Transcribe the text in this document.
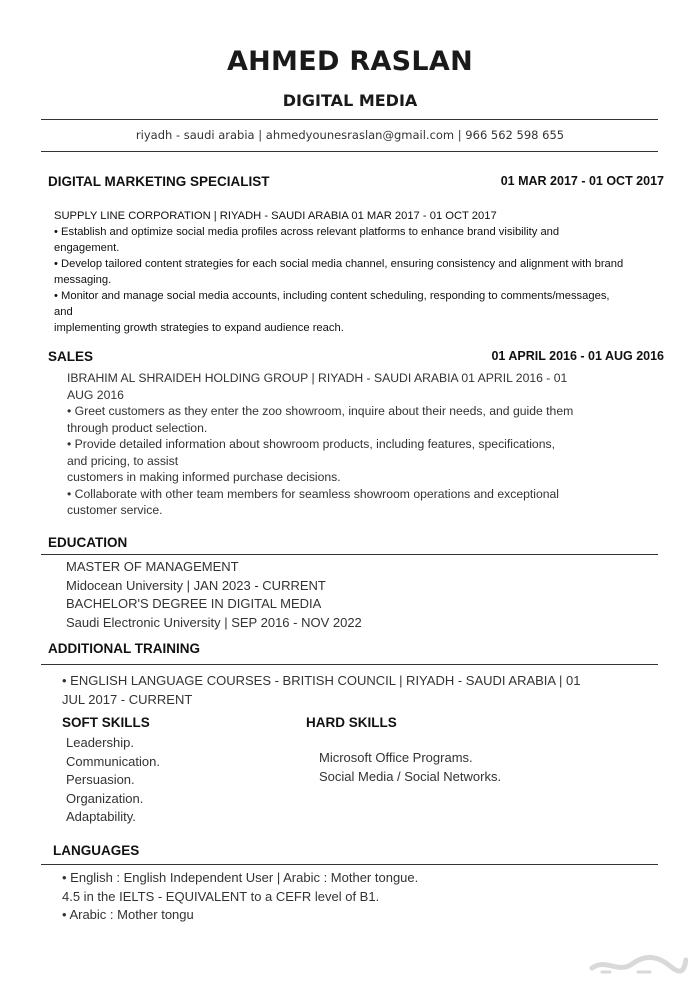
AHMED RASLAN
DIGITAL MEDIA
riyadh - saudi arabia | ahmedyounesraslan@gmail.com | 966 562 598 655
DIGITAL MARKETING SPECIALIST	01 MAR 2017 - 01 OCT 2017
SUPPLY LINE CORPORATION | RIYADH - SAUDI ARABIA 01 MAR 2017 - 01 OCT 2017
• Establish and optimize social media profiles across relevant platforms to enhance brand visibility and
engagement.
• Develop tailored content strategies for each social media channel, ensuring consistency and alignment with brand
messaging.
• Monitor and manage social media accounts, including content scheduling, responding to comments/messages,
and
implementing growth strategies to expand audience reach.
SALES	01 APRIL 2016 - 01 AUG 2016
IBRAHIM AL SHRAIDEH HOLDING GROUP | RIYADH - SAUDI ARABIA 01 APRIL 2016 - 01
AUG 2016
• Greet customers as they enter the zoo showroom, inquire about their needs, and guide them
through product selection.
• Provide detailed information about showroom products, including features, specifications,
and pricing, to assist
customers in making informed purchase decisions.
• Collaborate with other team members for seamless showroom operations and exceptional
customer service.
EDUCATION
MASTER OF MANAGEMENT
Midocean University | JAN 2023 - CURRENT
BACHELOR'S DEGREE IN DIGITAL MEDIA
Saudi Electronic University | SEP 2016 - NOV 2022
ADDITIONAL TRAINING
• ENGLISH LANGUAGE COURSES - BRITISH COUNCIL | RIYADH - SAUDI ARABIA | 01
JUL 2017 - CURRENT
SOFT SKILLS
Leadership.
Communication.
Persuasion.
Organization.
Adaptability.
HARD SKILLS
Microsoft Office Programs.
Social Media / Social Networks.
LANGUAGES
• English : English Independent User | Arabic : Mother tongue.
4.5 in the IELTS - EQUIVALENT to a CEFR level of B1.
• Arabic : Mother tongu
